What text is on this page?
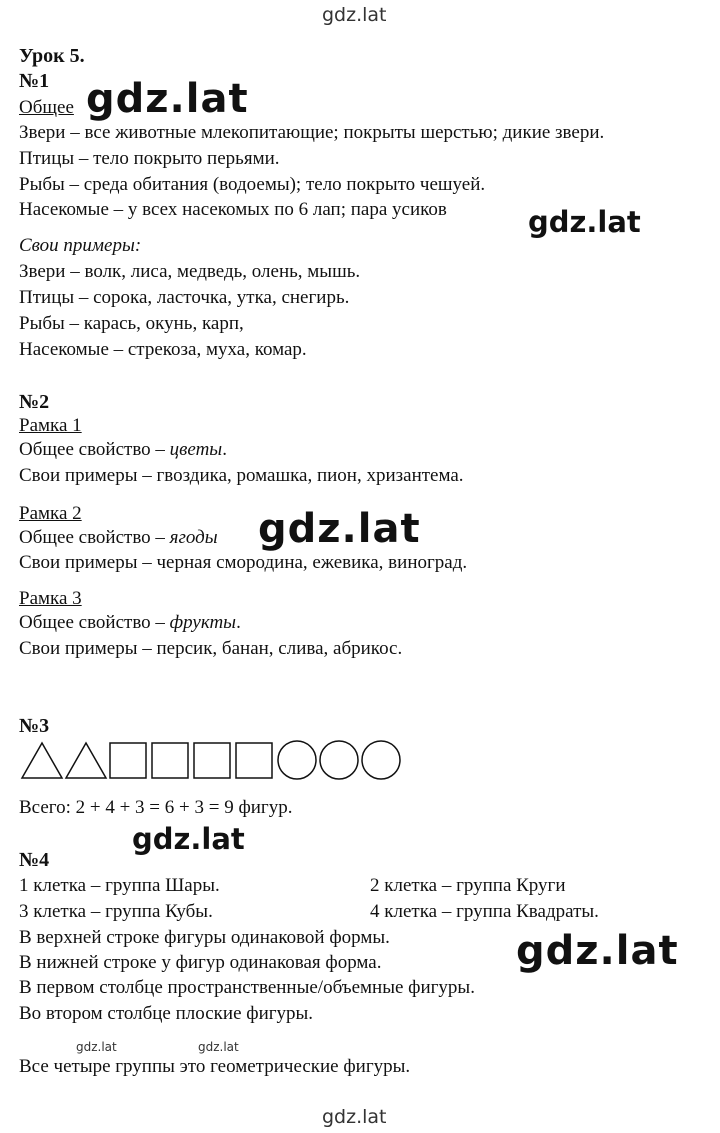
gdz.lat
Урок 5.
№1
Общее gdz.lat
Звери – все животные млекопитающие; покрыты шерстью; дикие звери.
Птицы – тело покрыто перьями.
Рыбы – среда обитания (водоемы); тело покрыто чешуей.
Насекомые – у всех насекомых по 6 лап; пара усиков	gdz.lat
Свои примеры:
Звери – волк, лиса, медведь, олень, мышь.
Птицы – сорока, ласточка, утка, снегирь.
Рыбы – карась, окунь, карп,
Насекомые – стрекоза, муха, комар.
№2
Рамка 1
Общее свойство – цветы.
Свои примеры – гвоздика, ромашка, пион, хризантема.
Рамка 2
Общее свойство – ягоды gdz.lat
Свои примеры – черная смородина, ежевика, виноград.
Рамка 3
Общее свойство – фрукты.
Свои примеры – персик, банан, слива, абрикос.
№3
Всего: 2 + 4 + 3 = 6 + 3 = 9 фигур.
gdz.lat
№4
1 клетка – группа Шары.	2 клетка – группа Круги
3 клетка – группа Кубы.	4 клетка – группа Квадраты.
В верхней строке фигуры одинаковой формы.
В нижней строке у фигур одинаковая форма.	gdz.lat
В первом столбце пространственные/объемные фигуры.
Во втором столбце плоские фигуры.
gdz.lat	gdz.lat
Все четыре группы это геометрические фигуры.
gdz.lat
